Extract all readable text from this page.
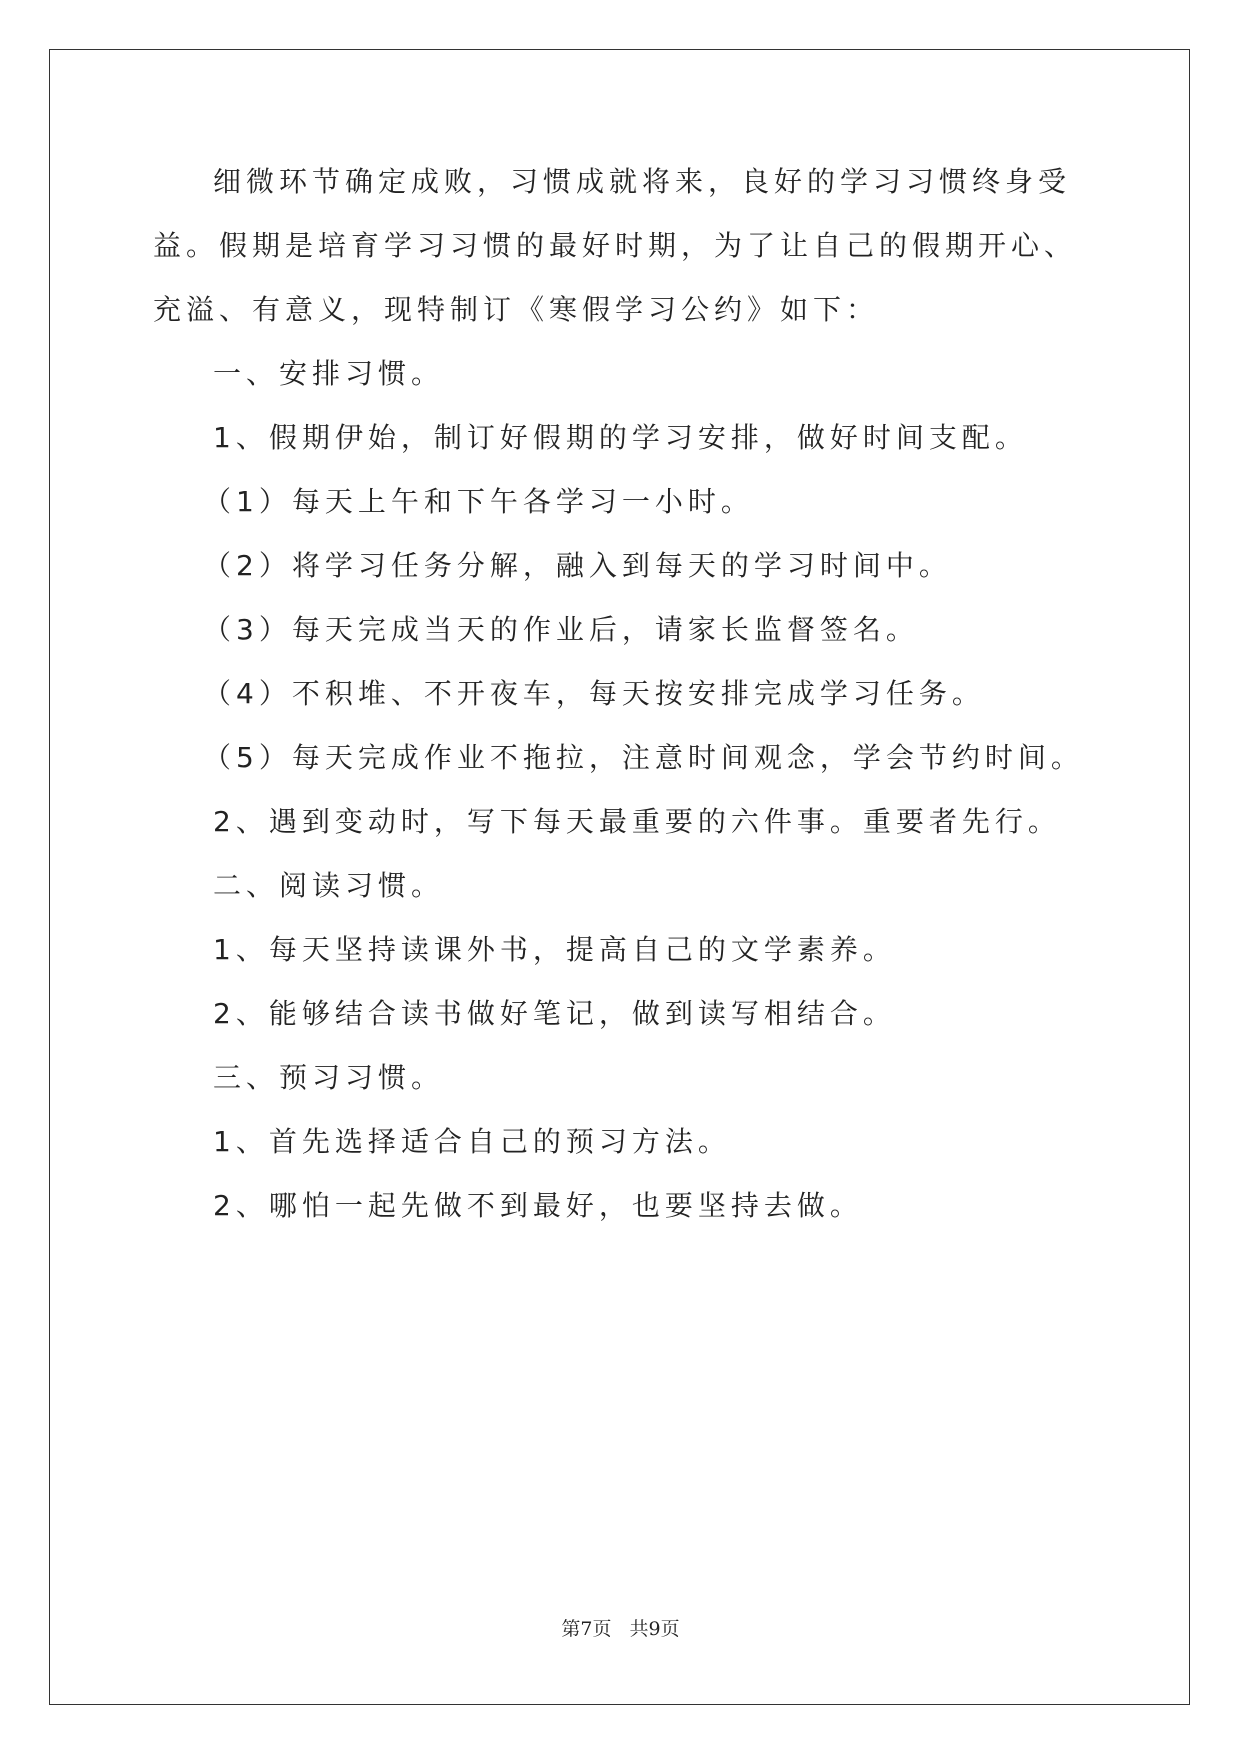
细微环节确定成败，习惯成就将来，良好的学习习惯终身受益。假期是培育学习习惯的最好时期，为了让自己的假期开心、充溢、有意义，现特制订《寒假学习公约》如下：

一、安排习惯。

1、假期伊始，制订好假期的学习安排，做好时间支配。

（1）每天上午和下午各学习一小时。

（2）将学习任务分解，融入到每天的学习时间中。

（3）每天完成当天的作业后，请家长监督签名。

（4）不积堆、不开夜车，每天按安排完成学习任务。

（5）每天完成作业不拖拉，注意时间观念，学会节约时间。

2、遇到变动时，写下每天最重要的六件事。重要者先行。

二、阅读习惯。

1、每天坚持读课外书，提高自己的文学素养。

2、能够结合读书做好笔记，做到读写相结合。

三、预习习惯。

1、首先选择适合自己的预习方法。

2、哪怕一起先做不到最好，也要坚持去做。

第7页 共9页
